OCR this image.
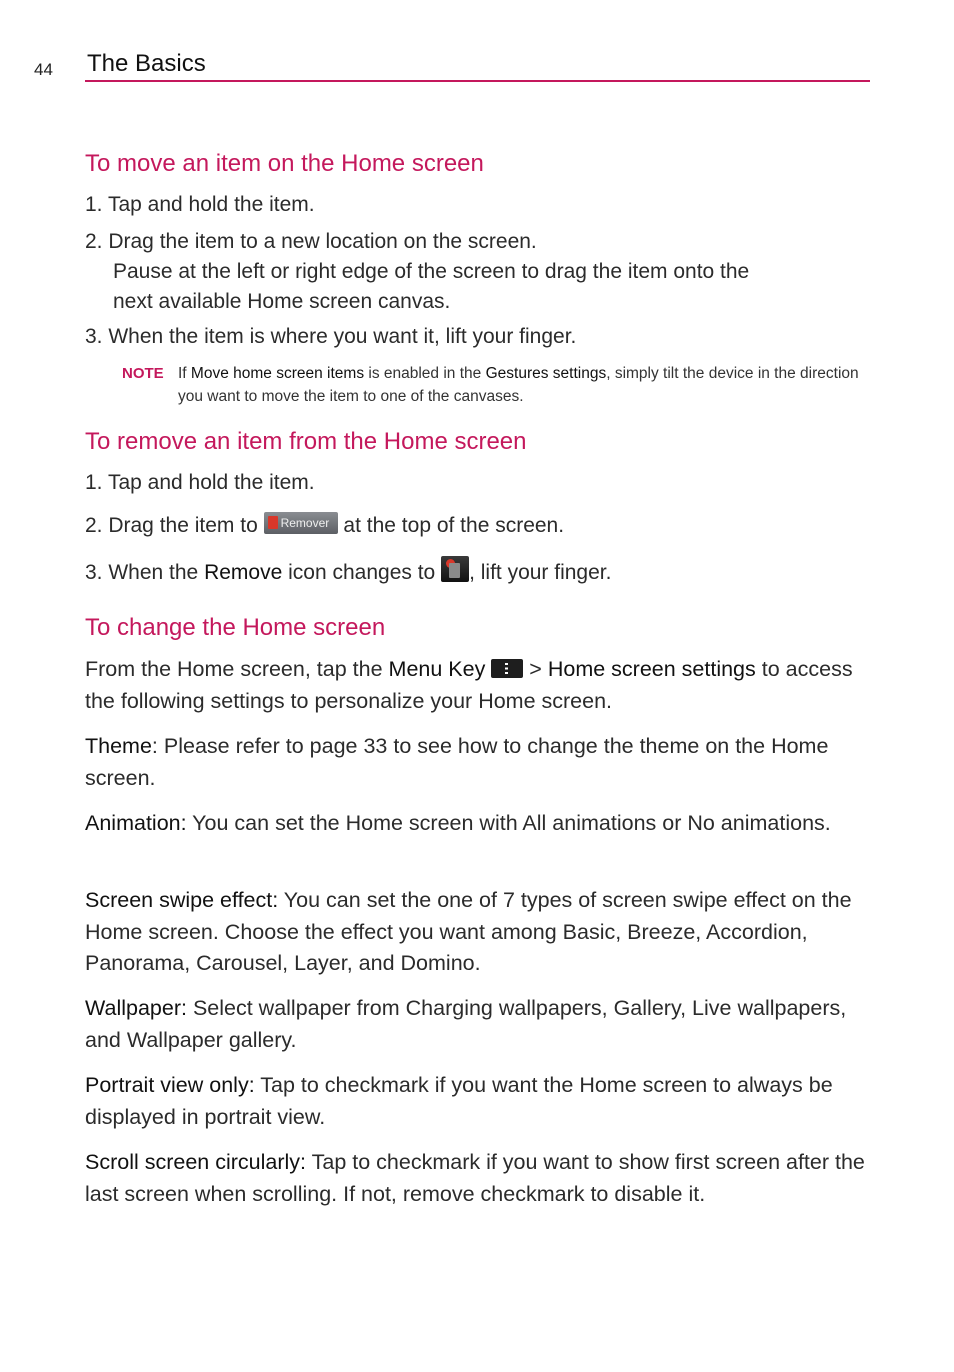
44 The Basics
To move an item on the Home screen
1. Tap and hold the item.
2. Drag the item to a new location on the screen.
Pause at the left or right edge of the screen to drag the item onto the
next available Home screen canvas.
3. When the item is where you want it, lift your finger.
NOTE If Move home screen items is enabled in the Gestures settings, simply tilt the device in the direction you want to move the item to one of the canvases.
To remove an item from the Home screen
1. Tap and hold the item.
2. Drag the item to Remover at the top of the screen.
3. When the Remove icon changes to
, lift your finger.
To change the Home screen
From the Home screen, tap the Menu Key
> Home screen settings to access the following settings to personalize your Home screen.
Theme: Please refer to page 33 to see how to change the theme on the Home screen.
Animation: You can set the Home screen with All animations or No animations.
Screen swipe effect: You can set the one of 7 types of screen swipe effect on the Home screen. Choose the effect you want among Basic, Breeze, Accordion, Panorama, Carousel, Layer, and Domino.
Wallpaper: Select wallpaper from Charging wallpapers, Gallery, Live wallpapers, and Wallpaper gallery.
Portrait view only: Tap to checkmark if you want the Home screen to always be displayed in portrait view.
Scroll screen circularly: Tap to checkmark if you want to show first screen after the last screen when scrolling. If not, remove checkmark to disable it.
